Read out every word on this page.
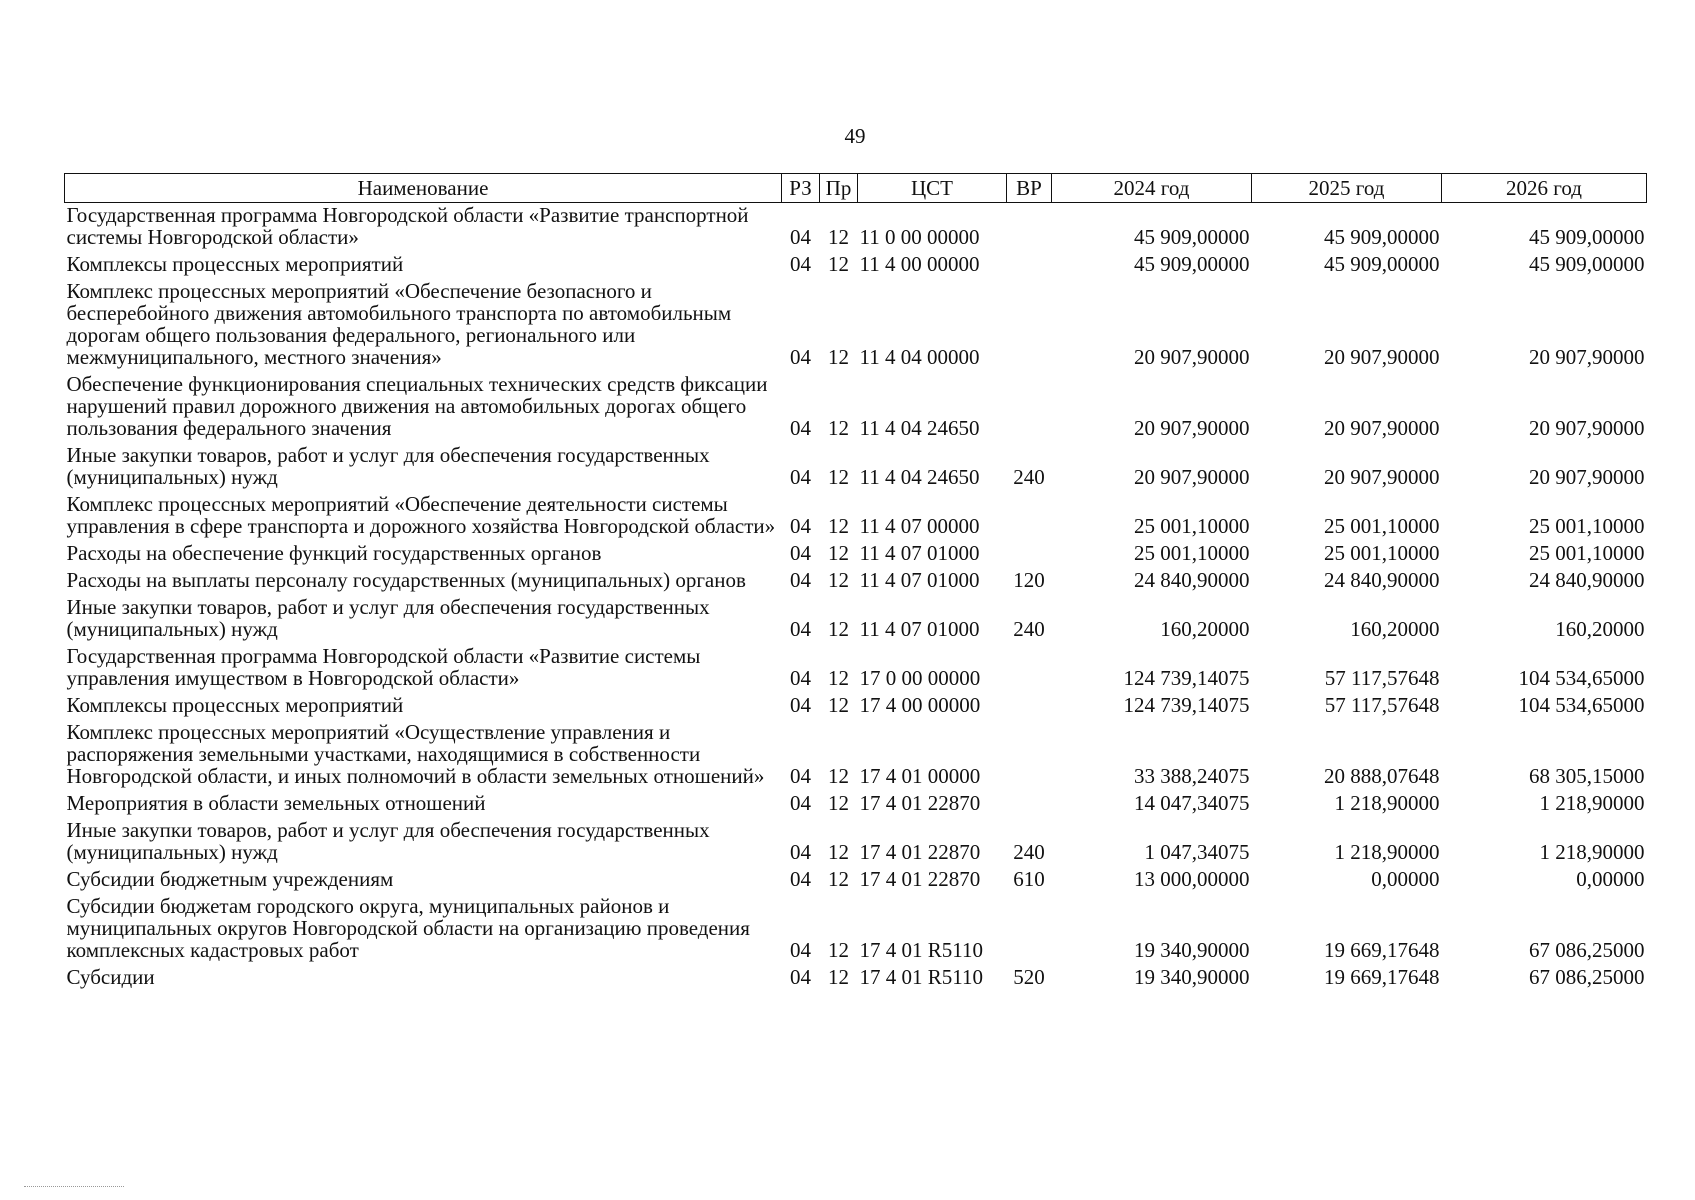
49
Наименование	РЗ	Пр	ЦСТ	ВР	2024 год	2025 год	2026 год
Государственная программа Новгородской области «Развитие транспортной системы Новгородской области»	04	12	11 0 00 00000		45 909,00000	45 909,00000	45 909,00000
Комплексы процессных мероприятий	04	12	11 4 00 00000		45 909,00000	45 909,00000	45 909,00000
Комплекс процессных мероприятий «Обеспечение безопасного и бесперебойного движения автомобильного транспорта по автомобильным дорогам общего пользования федерального, регионального или межмуниципального, местного значения»	04	12	11 4 04 00000		20 907,90000	20 907,90000	20 907,90000
Обеспечение функционирования специальных технических средств фиксации нарушений правил дорожного движения на автомобильных дорогах общего пользования федерального значения	04	12	11 4 04 24650		20 907,90000	20 907,90000	20 907,90000
Иные закупки товаров, работ и услуг для обеспечения государственных (муниципальных) нужд	04	12	11 4 04 24650	240	20 907,90000	20 907,90000	20 907,90000
Комплекс процессных мероприятий «Обеспечение деятельности системы управления в сфере транспорта и дорожного хозяйства Новгородской области»	04	12	11 4 07 00000		25 001,10000	25 001,10000	25 001,10000
Расходы на обеспечение функций государственных органов	04	12	11 4 07 01000		25 001,10000	25 001,10000	25 001,10000
Расходы на выплаты персоналу государственных (муниципальных) органов	04	12	11 4 07 01000	120	24 840,90000	24 840,90000	24 840,90000
Иные закупки товаров, работ и услуг для обеспечения государственных (муниципальных) нужд	04	12	11 4 07 01000	240	160,20000	160,20000	160,20000
Государственная программа Новгородской области «Развитие системы управления имуществом в Новгородской области»	04	12	17 0 00 00000		124 739,14075	57 117,57648	104 534,65000
Комплексы процессных мероприятий	04	12	17 4 00 00000		124 739,14075	57 117,57648	104 534,65000
Комплекс процессных мероприятий «Осуществление управления и распоряжения земельными участками, находящимися в собственности Новгородской области, и иных полномочий в области земельных отношений»	04	12	17 4 01 00000		33 388,24075	20 888,07648	68 305,15000
Мероприятия в области земельных отношений	04	12	17 4 01 22870		14 047,34075	1 218,90000	1 218,90000
Иные закупки товаров, работ и услуг для обеспечения государственных (муниципальных) нужд	04	12	17 4 01 22870	240	1 047,34075	1 218,90000	1 218,90000
Субсидии бюджетным учреждениям	04	12	17 4 01 22870	610	13 000,00000	0,00000	0,00000
Субсидии бюджетам городского округа, муниципальных районов и муниципальных округов Новгородской области на организацию проведения комплексных кадастровых работ	04	12	17 4 01 R5110		19 340,90000	19 669,17648	67 086,25000
Субсидии	04	12	17 4 01 R5110	520	19 340,90000	19 669,17648	67 086,25000
